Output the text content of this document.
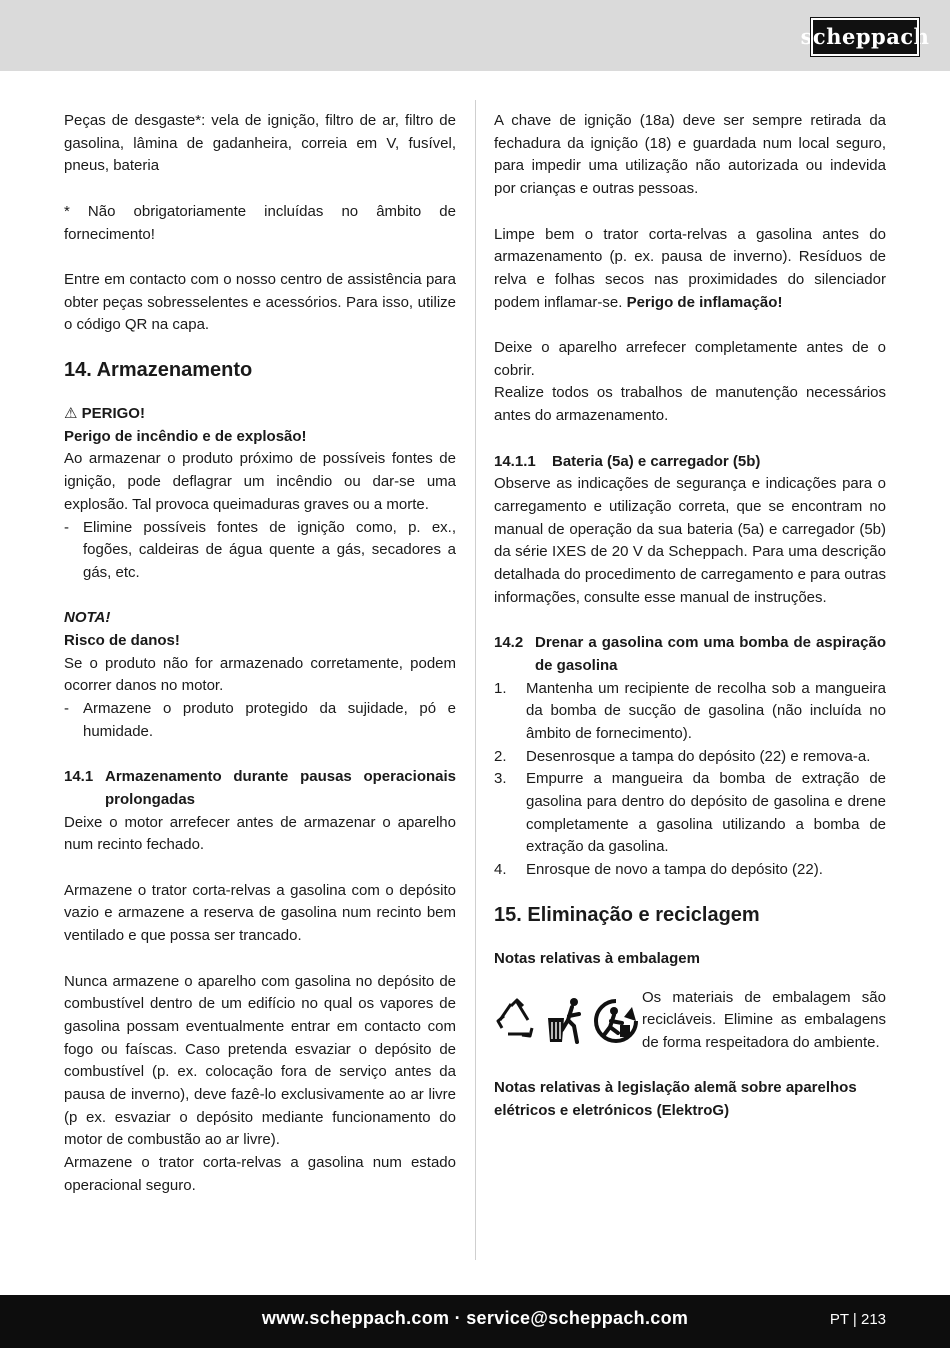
scheppach

Peças de desgaste*: vela de ignição, filtro de ar, filtro de gasolina, lâmina de gadanheira, correia em V, fusível, pneus, bateria

* Não obrigatoriamente incluídas no âmbito de fornecimento!

Entre em contacto com o nosso centro de assistência para obter peças sobresselentes e acessórios. Para isso, utilize o código QR na capa.

14. Armazenamento

⚠ PERIGO!

Perigo de incêndio e de explosão!

Ao armazenar o produto próximo de possíveis fontes de ignição, pode deflagrar um incêndio ou dar-se uma explosão. Tal provoca queimaduras graves ou a morte.

- Elimine possíveis fontes de ignição como, p. ex., fogões, caldeiras de água quente a gás, secadores a gás, etc.

NOTA!

Risco de danos!

Se o produto não for armazenado corretamente, podem ocorrer danos no motor.

- Armazene o produto protegido da sujidade, pó e humidade.
14.1 Armazenamento durante pausas operacionais prolongadas

Deixe o motor arrefecer antes de armazenar o aparelho num recinto fechado.

Armazene o trator corta-relvas a gasolina com o depósito vazio e armazene a reserva de gasolina num recinto bem ventilado e que possa ser trancado.

Nunca armazene o aparelho com gasolina no depósito de combustível dentro de um edifício no qual os vapores de gasolina possam eventualmente entrar em contacto com fogo ou faíscas. Caso pretenda esvaziar o depósito de combustível (p. ex. colocação fora de serviço antes da pausa de inverno), deve fazê-lo exclusivamente ao ar livre (p ex. esvaziar o depósito mediante funcionamento do motor de combustão ao ar livre).

Armazene o trator corta-relvas a gasolina num estado operacional seguro.

A chave de ignição (18a) deve ser sempre retirada da fechadura da ignição (18) e guardada num local seguro, para impedir uma utilização não autorizada ou indevida por crianças e outras pessoas.

Limpe bem o trator corta-relvas a gasolina antes do armazenamento (p. ex. pausa de inverno). Resíduos de relva e folhas secos nas proximidades do silenciador podem inflamar-se. Perigo de inflamação!

Deixe o aparelho arrefecer completamente antes de o cobrir.

Realize todos os trabalhos de manutenção necessários antes do armazenamento.

14.1.1	Bateria (5a) e carregador (5b)

Observe as indicações de segurança e indicações para o carregamento e utilização correta, que se encontram no manual de operação da sua bateria (5a) e carregador (5b) da série IXES de 20 V da Scheppach. Para uma descrição detalhada do procedimento de carregamento e para outras informações, consulte esse manual de instruções.

14.2 Drenar a gasolina com uma bomba de aspiração de gasolina
1.	Mantenha um recipiente de recolha sob a mangueira da bomba de sucção de gasolina (não incluída no âmbito de fornecimento).
2.	Desenrosque a tampa do depósito (22) e remova-a.
3.	Empurre a mangueira da bomba de extração de gasolina para dentro do depósito de gasolina e drene completamente a gasolina utilizando a bomba de extração da gasolina.
4.	Enrosque de novo a tampa do depósito (22).
15. Eliminação e reciclagem

Notas relativas à embalagem

Os materiais de embalagem são recicláveis. Elimine as embalagens de forma respeitadora do ambiente.

Notas relativas à legislação alemã sobre aparelhos elétricos e eletrónicos (ElektroG)

www.scheppach.com · service@scheppach.com	PT | 213
